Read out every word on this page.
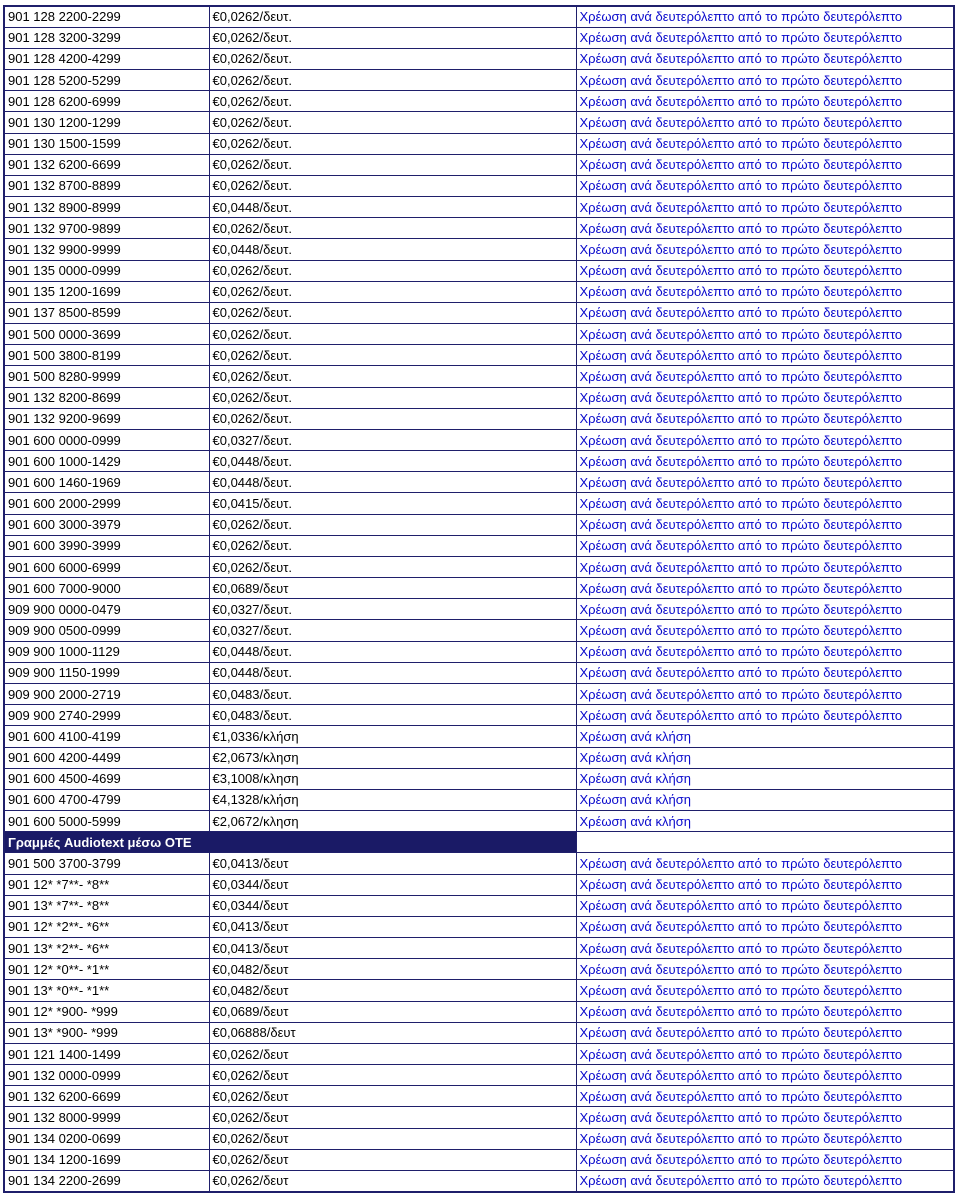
901 128 2200-2299	€0,0262/δευτ.	Χρέωση ανά δευτερόλεπτο από το πρώτο δευτερόλεπτο
901 128 3200-3299	€0,0262/δευτ.	Χρέωση ανά δευτερόλεπτο από το πρώτο δευτερόλεπτο
901 128 4200-4299	€0,0262/δευτ.	Χρέωση ανά δευτερόλεπτο από το πρώτο δευτερόλεπτο
901 128 5200-5299	€0,0262/δευτ.	Χρέωση ανά δευτερόλεπτο από το πρώτο δευτερόλεπτο
901 128 6200-6999	€0,0262/δευτ.	Χρέωση ανά δευτερόλεπτο από το πρώτο δευτερόλεπτο
901 130 1200-1299	€0,0262/δευτ.	Χρέωση ανά δευτερόλεπτο από το πρώτο δευτερόλεπτο
901 130 1500-1599	€0,0262/δευτ.	Χρέωση ανά δευτερόλεπτο από το πρώτο δευτερόλεπτο
901 132 6200-6699	€0,0262/δευτ.	Χρέωση ανά δευτερόλεπτο από το πρώτο δευτερόλεπτο
901 132 8700-8899	€0,0262/δευτ.	Χρέωση ανά δευτερόλεπτο από το πρώτο δευτερόλεπτο
901 132 8900-8999	€0,0448/δευτ.	Χρέωση ανά δευτερόλεπτο από το πρώτο δευτερόλεπτο
901 132 9700-9899	€0,0262/δευτ.	Χρέωση ανά δευτερόλεπτο από το πρώτο δευτερόλεπτο
901 132 9900-9999	€0,0448/δευτ.	Χρέωση ανά δευτερόλεπτο από το πρώτο δευτερόλεπτο
901 135 0000-0999	€0,0262/δευτ.	Χρέωση ανά δευτερόλεπτο από το πρώτο δευτερόλεπτο
901 135 1200-1699	€0,0262/δευτ.	Χρέωση ανά δευτερόλεπτο από το πρώτο δευτερόλεπτο
901 137 8500-8599	€0,0262/δευτ.	Χρέωση ανά δευτερόλεπτο από το πρώτο δευτερόλεπτο
901 500 0000-3699	€0,0262/δευτ.	Χρέωση ανά δευτερόλεπτο από το πρώτο δευτερόλεπτο
901 500 3800-8199	€0,0262/δευτ.	Χρέωση ανά δευτερόλεπτο από το πρώτο δευτερόλεπτο
901 500 8280-9999	€0,0262/δευτ.	Χρέωση ανά δευτερόλεπτο από το πρώτο δευτερόλεπτο
901 132 8200-8699	€0,0262/δευτ.	Χρέωση ανά δευτερόλεπτο από το πρώτο δευτερόλεπτο
901 132 9200-9699	€0,0262/δευτ.	Χρέωση ανά δευτερόλεπτο από το πρώτο δευτερόλεπτο
901 600 0000-0999	€0,0327/δευτ.	Χρέωση ανά δευτερόλεπτο από το πρώτο δευτερόλεπτο
901 600 1000-1429	€0,0448/δευτ.	Χρέωση ανά δευτερόλεπτο από το πρώτο δευτερόλεπτο
901 600 1460-1969	€0,0448/δευτ.	Χρέωση ανά δευτερόλεπτο από το πρώτο δευτερόλεπτο
901 600 2000-2999	€0,0415/δευτ.	Χρέωση ανά δευτερόλεπτο από το πρώτο δευτερόλεπτο
901 600 3000-3979	€0,0262/δευτ.	Χρέωση ανά δευτερόλεπτο από το πρώτο δευτερόλεπτο
901 600 3990-3999	€0,0262/δευτ.	Χρέωση ανά δευτερόλεπτο από το πρώτο δευτερόλεπτο
901 600 6000-6999	€0,0262/δευτ.	Χρέωση ανά δευτερόλεπτο από το πρώτο δευτερόλεπτο
901 600 7000-9000	€0,0689/δευτ	Χρέωση ανά δευτερόλεπτο από το πρώτο δευτερόλεπτο
909 900 0000-0479	€0,0327/δευτ.	Χρέωση ανά δευτερόλεπτο από το πρώτο δευτερόλεπτο
909 900 0500-0999	€0,0327/δευτ.	Χρέωση ανά δευτερόλεπτο από το πρώτο δευτερόλεπτο
909 900 1000-1129	€0,0448/δευτ.	Χρέωση ανά δευτερόλεπτο από το πρώτο δευτερόλεπτο
909 900 1150-1999	€0,0448/δευτ.	Χρέωση ανά δευτερόλεπτο από το πρώτο δευτερόλεπτο
909 900 2000-2719	€0,0483/δευτ.	Χρέωση ανά δευτερόλεπτο από το πρώτο δευτερόλεπτο
909 900 2740-2999	€0,0483/δευτ.	Χρέωση ανά δευτερόλεπτο από το πρώτο δευτερόλεπτο
901 600 4100-4199	€1,0336/κλήση	Χρέωση ανά κλήση
901 600 4200-4499	€2,0673/κληση	Χρέωση ανά κλήση
901 600 4500-4699	€3,1008/κληση	Χρέωση ανά κλήση
901 600 4700-4799	€4,1328/κλήση	Χρέωση ανά κλήση
901 600 5000-5999	€2,0672/κληση	Χρέωση ανά κλήση
Γραμμές Audiotext μέσω ΟΤΕ		
901 500 3700-3799	€0,0413/δευτ	Χρέωση ανά δευτερόλεπτο από το πρώτο δευτερόλεπτο
901 12* *7**- *8**	€0,0344/δευτ	Χρέωση ανά δευτερόλεπτο από το πρώτο δευτερόλεπτο
901 13* *7**- *8**	€0,0344/δευτ	Χρέωση ανά δευτερόλεπτο από το πρώτο δευτερόλεπτο
901 12* *2**- *6**	€0,0413/δευτ	Χρέωση ανά δευτερόλεπτο από το πρώτο δευτερόλεπτο
901 13* *2**- *6**	€0,0413/δευτ	Χρέωση ανά δευτερόλεπτο από το πρώτο δευτερόλεπτο
901 12* *0**- *1**	€0,0482/δευτ	Χρέωση ανά δευτερόλεπτο από το πρώτο δευτερόλεπτο
901 13* *0**- *1**	€0,0482/δευτ	Χρέωση ανά δευτερόλεπτο από το πρώτο δευτερόλεπτο
901 12* *900- *999	€0,0689/δευτ	Χρέωση ανά δευτερόλεπτο από το πρώτο δευτερόλεπτο
901 13* *900- *999	€0,06888/δευτ	Χρέωση ανά δευτερόλεπτο από το πρώτο δευτερόλεπτο
901 121 1400-1499	€0,0262/δευτ	Χρέωση ανά δευτερόλεπτο από το πρώτο δευτερόλεπτο
901 132 0000-0999	€0,0262/δευτ	Χρέωση ανά δευτερόλεπτο από το πρώτο δευτερόλεπτο
901 132 6200-6699	€0,0262/δευτ	Χρέωση ανά δευτερόλεπτο από το πρώτο δευτερόλεπτο
901 132 8000-9999	€0,0262/δευτ	Χρέωση ανά δευτερόλεπτο από το πρώτο δευτερόλεπτο
901 134 0200-0699	€0,0262/δευτ	Χρέωση ανά δευτερόλεπτο από το πρώτο δευτερόλεπτο
901 134 1200-1699	€0,0262/δευτ	Χρέωση ανά δευτερόλεπτο από το πρώτο δευτερόλεπτο
901 134 2200-2699	€0,0262/δευτ	Χρέωση ανά δευτερόλεπτο από το πρώτο δευτερόλεπτο
